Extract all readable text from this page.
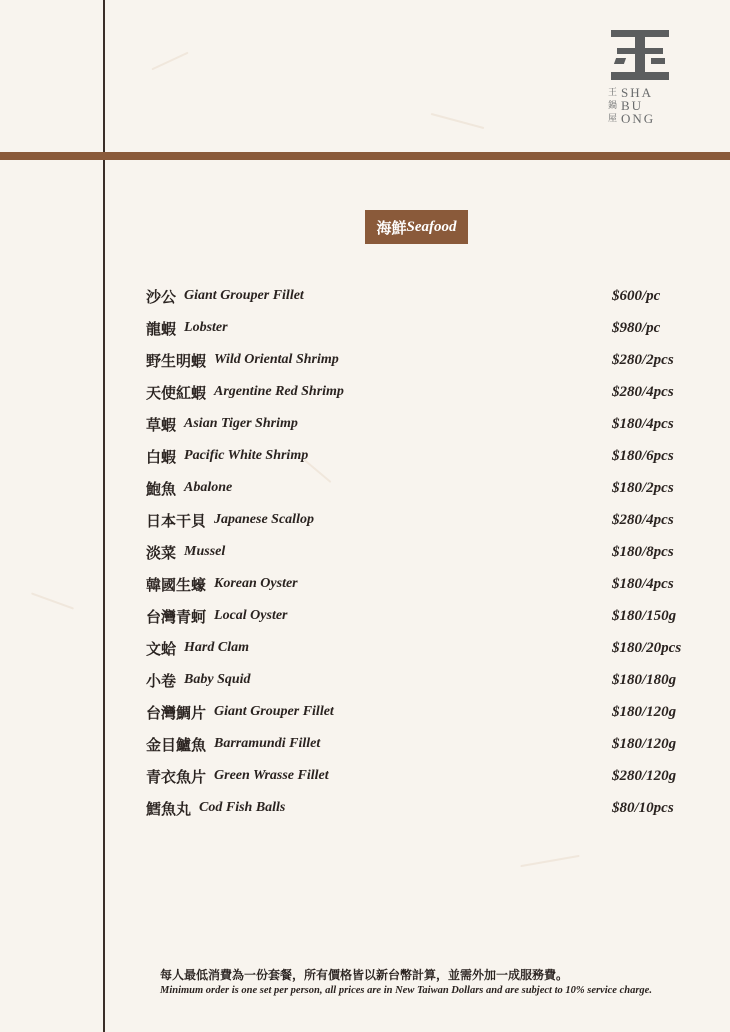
王 SHA
鍋 BU
屋 ONG
海鮮 Seafood
沙公 Giant Grouper Fillet	$600/pc
龍蝦 Lobster	$980/pc
野生明蝦 Wild Oriental Shrimp	$280/2pcs
天使紅蝦 Argentine Red Shrimp	$280/4pcs
草蝦 Asian Tiger Shrimp	$180/4pcs
白蝦 Pacific White Shrimp	$180/6pcs
鮑魚 Abalone	$180/2pcs
日本干貝 Japanese Scallop	$280/4pcs
淡菜 Mussel	$180/8pcs
韓國生蠔 Korean Oyster	$180/4pcs
台灣青蚵 Local Oyster	$180/150g
文蛤 Hard Clam	$180/20pcs
小卷 Baby Squid	$180/180g
台灣鯛片 Giant Grouper Fillet	$180/120g
金目鱸魚 Barramundi Fillet	$180/120g
青衣魚片 Green Wrasse Fillet	$280/120g
鱈魚丸 Cod Fish Balls	$80/10pcs
每人最低消費為一份套餐，所有價格皆以新台幣計算，並需外加一成服務費。
Minimum order is one set per person, all prices are in New Taiwan Dollars and are subject to 10% service charge.
